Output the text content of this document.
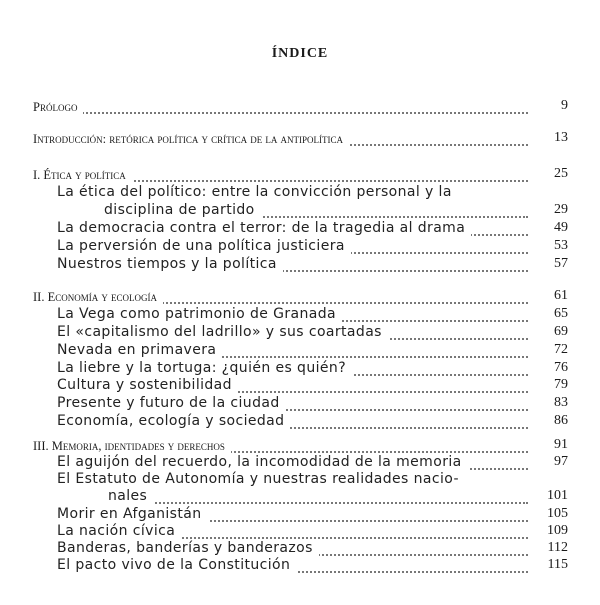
ÍNDICE
Prólogo	9
Introducción: retórica política y crítica de la antipolítica	13
I. Ética y política	25
La ética del político: entre la convicción personal y la
disciplina de partido	29
La democracia contra el terror: de la tragedia al drama	49
La perversión de una política justiciera	53
Nuestros tiempos y la política	57
II. Economía y ecología	61
La Vega como patrimonio de Granada	65
El «capitalismo del ladrillo» y sus coartadas	69
Nevada en primavera	72
La liebre y la tortuga: ¿quién es quién?	76
Cultura y sostenibilidad	79
Presente y futuro de la ciudad	83
Economía, ecología y sociedad	86
III. Memoria, identidades y derechos	91
El aguijón del recuerdo, la incomodidad de la memoria	97
El Estatuto de Autonomía y nuestras realidades nacio-
nales	101
Morir en Afganistán	105
La nación cívica	109
Banderas, banderías y banderazos	112
El pacto vivo de la Constitución	115
